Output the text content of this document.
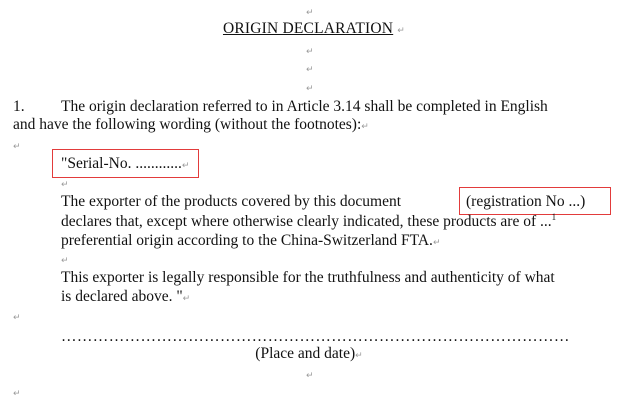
↵
↵
↵
↵
↵
↵
↵
↵
↵
↵
ORIGIN DECLARATION ↵
1. The origin declaration referred to in Article 3.14 shall be completed in English
and have the following wording (without the footnotes):↵
"Serial-No. ............↵
The exporter of the products covered by this document	(registration No ...)
declares that, except where otherwise clearly indicated, these products are of ...$^1$
preferential origin according to the China-Switzerland FTA.↵
This exporter is legally responsible for the truthfulness and authenticity of what
is declared above. "↵
……………………………………………………………………………………
(Place and date)↵
